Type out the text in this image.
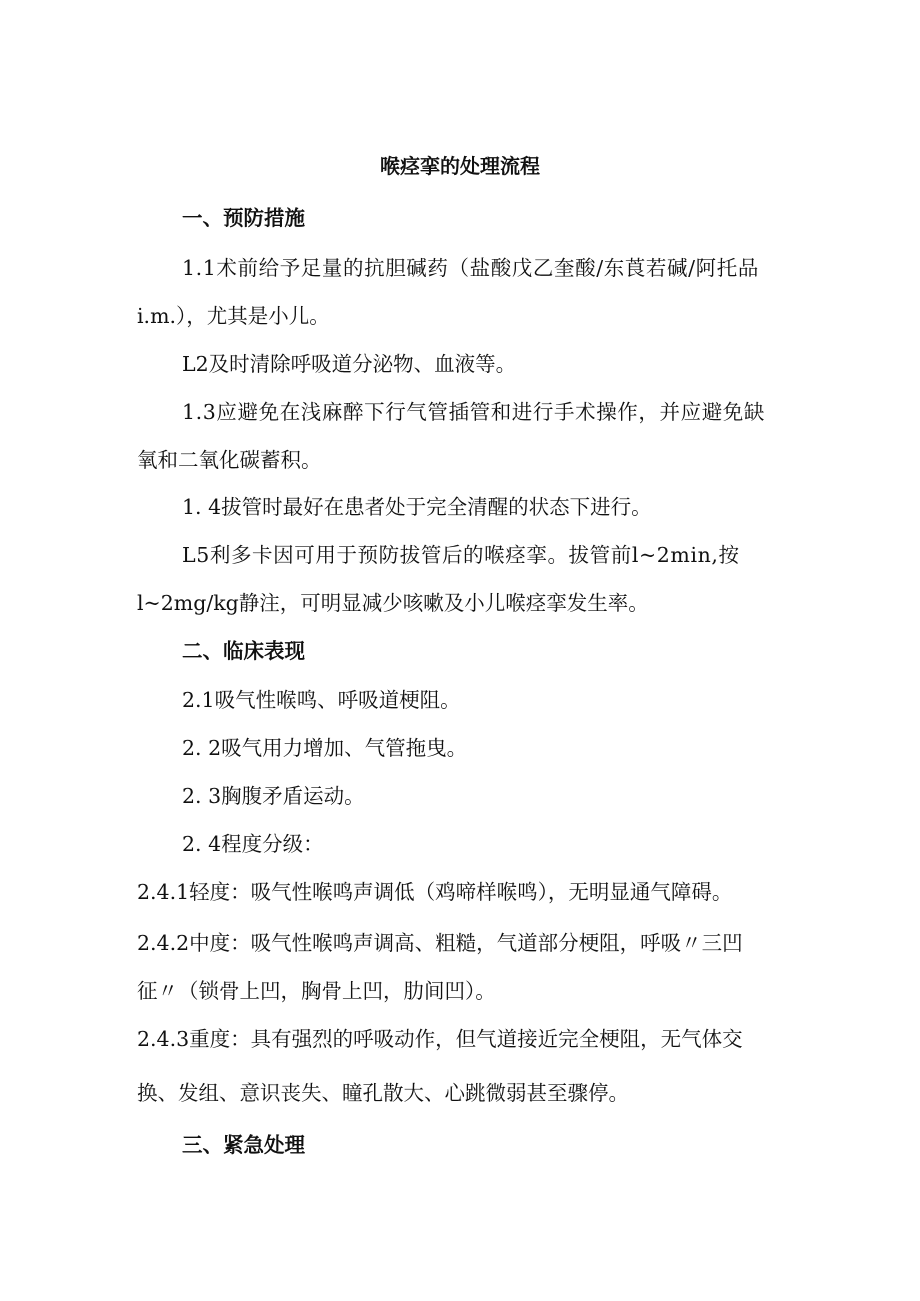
喉痉挛的处理流程
一、预防措施
1.1术前给予足量的抗胆碱药（盐酸戊乙奎酸/东莨若碱/阿托品
i.m.），尤其是小儿。
L2及时清除呼吸道分泌物、血液等。
1.3应避免在浅麻醉下行气管插管和进行手术操作，并应避免缺
氧和二氧化碳蓄积。
1. 4拔管时最好在患者处于完全清醒的状态下进行。
L5利多卡因可用于预防拔管后的喉痉挛。拔管前l~2min,按
l~2mg/kg静注，可明显减少咳嗽及小儿喉痉挛发生率。
二、临床表现
2.1吸气性喉鸣、呼吸道梗阻。
2. 2吸气用力增加、气管拖曳。
2. 3胸腹矛盾运动。
2. 4程度分级：
2.4.1轻度：吸气性喉鸣声调低（鸡啼样喉鸣），无明显通气障碍。
2.4.2中度：吸气性喉鸣声调高、粗糙，气道部分梗阻，呼吸〃三凹
征〃（锁骨上凹，胸骨上凹，肋间凹）。
2.4.3重度：具有强烈的呼吸动作，但气道接近完全梗阻，无气体交
换、发组、意识丧失、瞳孔散大、心跳微弱甚至骤停。
三、紧急处理
